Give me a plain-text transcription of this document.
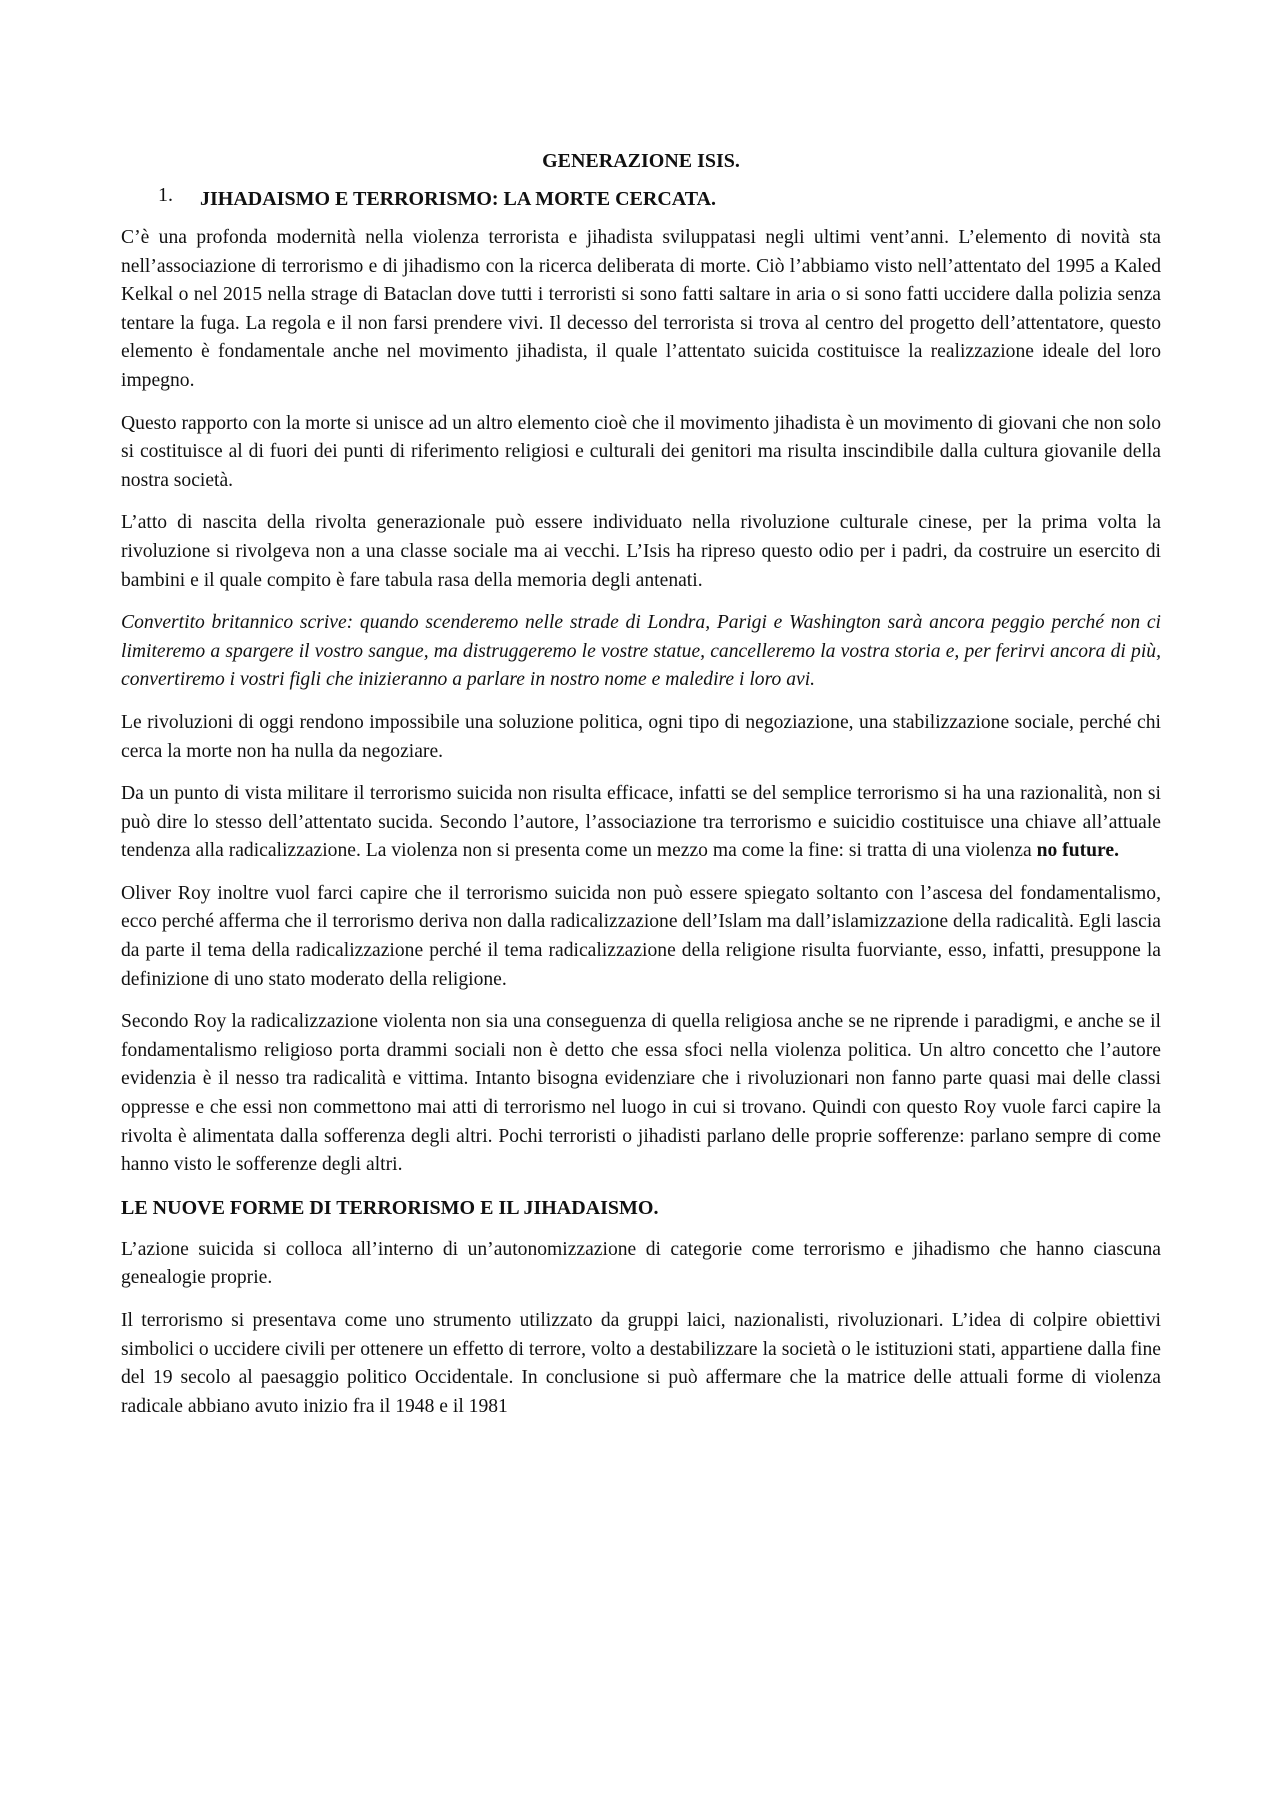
GENERAZIONE ISIS.
1. JIHADAISMO E TERRORISMO: LA MORTE CERCATA.

C’è una profonda modernità nella violenza terrorista e jihadista sviluppatasi negli ultimi vent’anni. L’elemento di novità sta nell’associazione di terrorismo e di jihadismo con la ricerca deliberata di morte. Ciò l’abbiamo visto nell’attentato del 1995 a Kaled Kelkal o nel 2015 nella strage di Bataclan dove tutti i terroristi si sono fatti saltare in aria o si sono fatti uccidere dalla polizia senza tentare la fuga. La regola e il non farsi prendere vivi. Il decesso del terrorista si trova al centro del progetto dell’attentatore, questo elemento è fondamentale anche nel movimento jihadista, il quale l’attentato suicida costituisce la realizzazione ideale del loro impegno.

Questo rapporto con la morte si unisce ad un altro elemento cioè che il movimento jihadista è un movimento di giovani che non solo si costituisce al di fuori dei punti di riferimento religiosi e culturali dei genitori ma risulta inscindibile dalla cultura giovanile della nostra società.

L’atto di nascita della rivolta generazionale può essere individuato nella rivoluzione culturale cinese, per la prima volta la rivoluzione si rivolgeva non a una classe sociale ma ai vecchi. L’Isis ha ripreso questo odio per i padri, da costruire un esercito di bambini e il quale compito è fare tabula rasa della memoria degli antenati.

Convertito britannico scrive: quando scenderemo nelle strade di Londra, Parigi e Washington sarà ancora peggio perché non ci limiteremo a spargere il vostro sangue, ma distruggeremo le vostre statue, cancelleremo la vostra storia e, per ferirvi ancora di più, convertiremo i vostri figli che inizieranno a parlare in nostro nome e maledire i loro avi.

Le rivoluzioni di oggi rendono impossibile una soluzione politica, ogni tipo di negoziazione, una stabilizzazione sociale, perché chi cerca la morte non ha nulla da negoziare.

Da un punto di vista militare il terrorismo suicida non risulta efficace, infatti se del semplice terrorismo si ha una razionalità, non si può dire lo stesso dell’attentato sucida. Secondo l’autore, l’associazione tra terrorismo e suicidio costituisce una chiave all’attuale tendenza alla radicalizzazione. La violenza non si presenta come un mezzo ma come la fine: si tratta di una violenza no future.

Oliver Roy inoltre vuol farci capire che il terrorismo suicida non può essere spiegato soltanto con l’ascesa del fondamentalismo, ecco perché afferma che il terrorismo deriva non dalla radicalizzazione dell’Islam ma dall’islamizzazione della radicalità. Egli lascia da parte il tema della radicalizzazione perché il tema radicalizzazione della religione risulta fuorviante, esso, infatti, presuppone la definizione di uno stato moderato della religione.

Secondo Roy la radicalizzazione violenta non sia una conseguenza di quella religiosa anche se ne riprende i paradigmi, e anche se il fondamentalismo religioso porta drammi sociali non è detto che essa sfoci nella violenza politica. Un altro concetto che l’autore evidenzia è il nesso tra radicalità e vittima. Intanto bisogna evidenziare che i rivoluzionari non fanno parte quasi mai delle classi oppresse e che essi non commettono mai atti di terrorismo nel luogo in cui si trovano. Quindi con questo Roy vuole farci capire la rivolta è alimentata dalla sofferenza degli altri. Pochi terroristi o jihadisti parlano delle proprie sofferenze: parlano sempre di come hanno visto le sofferenze degli altri.

LE NUOVE FORME DI TERRORISMO E IL JIHADAISMO.

L’azione suicida si colloca all’interno di un’autonomizzazione di categorie come terrorismo e jihadismo che hanno ciascuna genealogie proprie.

Il terrorismo si presentava come uno strumento utilizzato da gruppi laici, nazionalisti, rivoluzionari. L’idea di colpire obiettivi simbolici o uccidere civili per ottenere un effetto di terrore, volto a destabilizzare la società o le istituzioni stati, appartiene dalla fine del 19 secolo al paesaggio politico Occidentale. In conclusione si può affermare che la matrice delle attuali forme di violenza radicale abbiano avuto inizio fra il 1948 e il 1981
